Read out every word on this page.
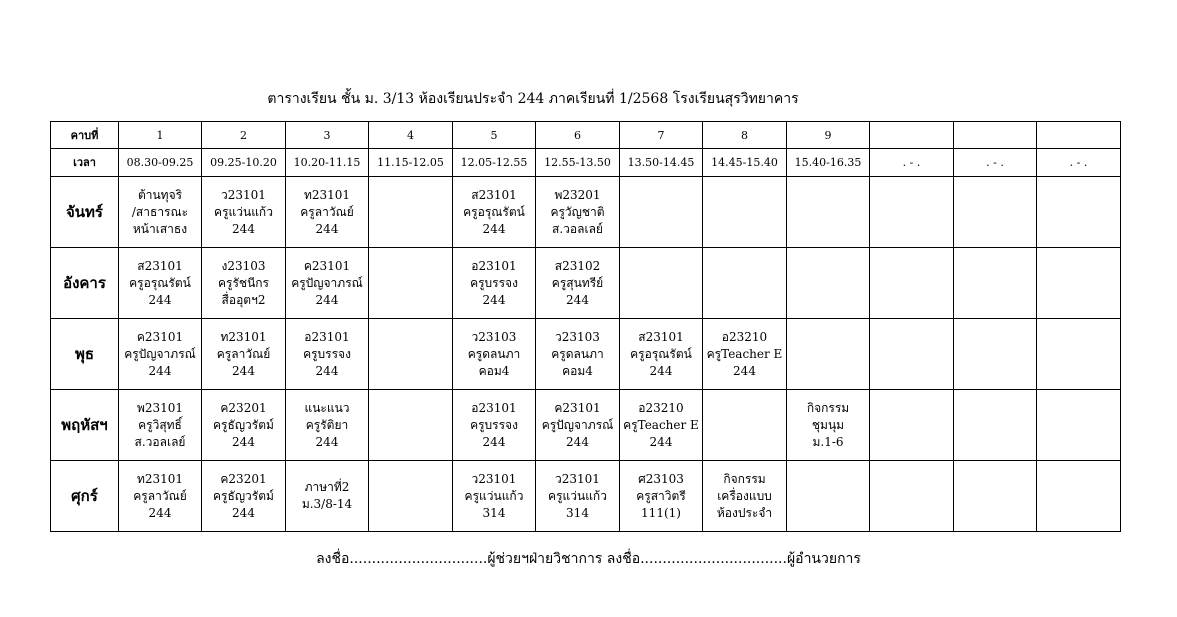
ตารางเรียน ชั้น ม. 3/13 ห้องเรียนประจำ 244 ภาคเรียนที่ 1/2568 โรงเรียนสุรวิทยาคาร
คาบที่	1	2	3	4	5	6	7	8	9			
เวลา	08.30-09.25	09.25-10.20	10.20-11.15	11.15-12.05	12.05-12.55	12.55-13.50	13.50-14.45	14.45-15.40	15.40-16.35	. - .	. - .	. - .
จันทร์	ต้านทุจริ
/สาธารณะ
หน้าเสาธง	ว23101
ครูแว่นแก้ว
244	ท23101
ครูลาวัณย์
244		ส23101
ครูอรุณรัตน์
244	พ23201
ครูวัญชาติ
ส.วอลเลย์						

อังคาร	ส23101
ครูอรุณรัตน์
244	ง23103
ครูรัชนีกร
สื่ออุตฯ2	ค23101
ครูปัญจาภรณ์
244		อ23101
ครูบรรจง
244	ส23102
ครูสุนทรีย์
244						

พุธ	ค23101
ครูปัญจาภรณ์
244	ท23101
ครูลาวัณย์
244	อ23101
ครูบรรจง
244		ว23103
ครูดลนภา
คอม4	ว23103
ครูดลนภา
คอม4	ส23101
ครูอรุณรัตน์
244	อ23210
ครูTeacher E
244				

พฤหัสฯ	พ23101
ครูวิสุทธิ์
ส.วอลเลย์	ค23201
ครูธัญวรัตม์
244	แนะแนว
ครูรัติยา
244		อ23101
ครูบรรจง
244	ค23101
ครูปัญจาภรณ์
244	อ23210
ครูTeacher E
244		กิจกรรม
ชุมนุม
ม.1-6			

ศุกร์	ท23101
ครูลาวัณย์
244	ค23201
ครูธัญวรัตม์
244	ภาษาที่2
ม.3/8-14		ว23101
ครูแว่นแก้ว
314	ว23101
ครูแว่นแก้ว
314	ศ23103
ครูสาวิตรี
111(1)	กิจกรรม
เครื่องแบบ
ห้องประจำ				

ลงชื่อ...............................ผู้ช่วยฯฝ่ายวิชาการ ลงชื่อ.................................ผู้อำนวยการ
